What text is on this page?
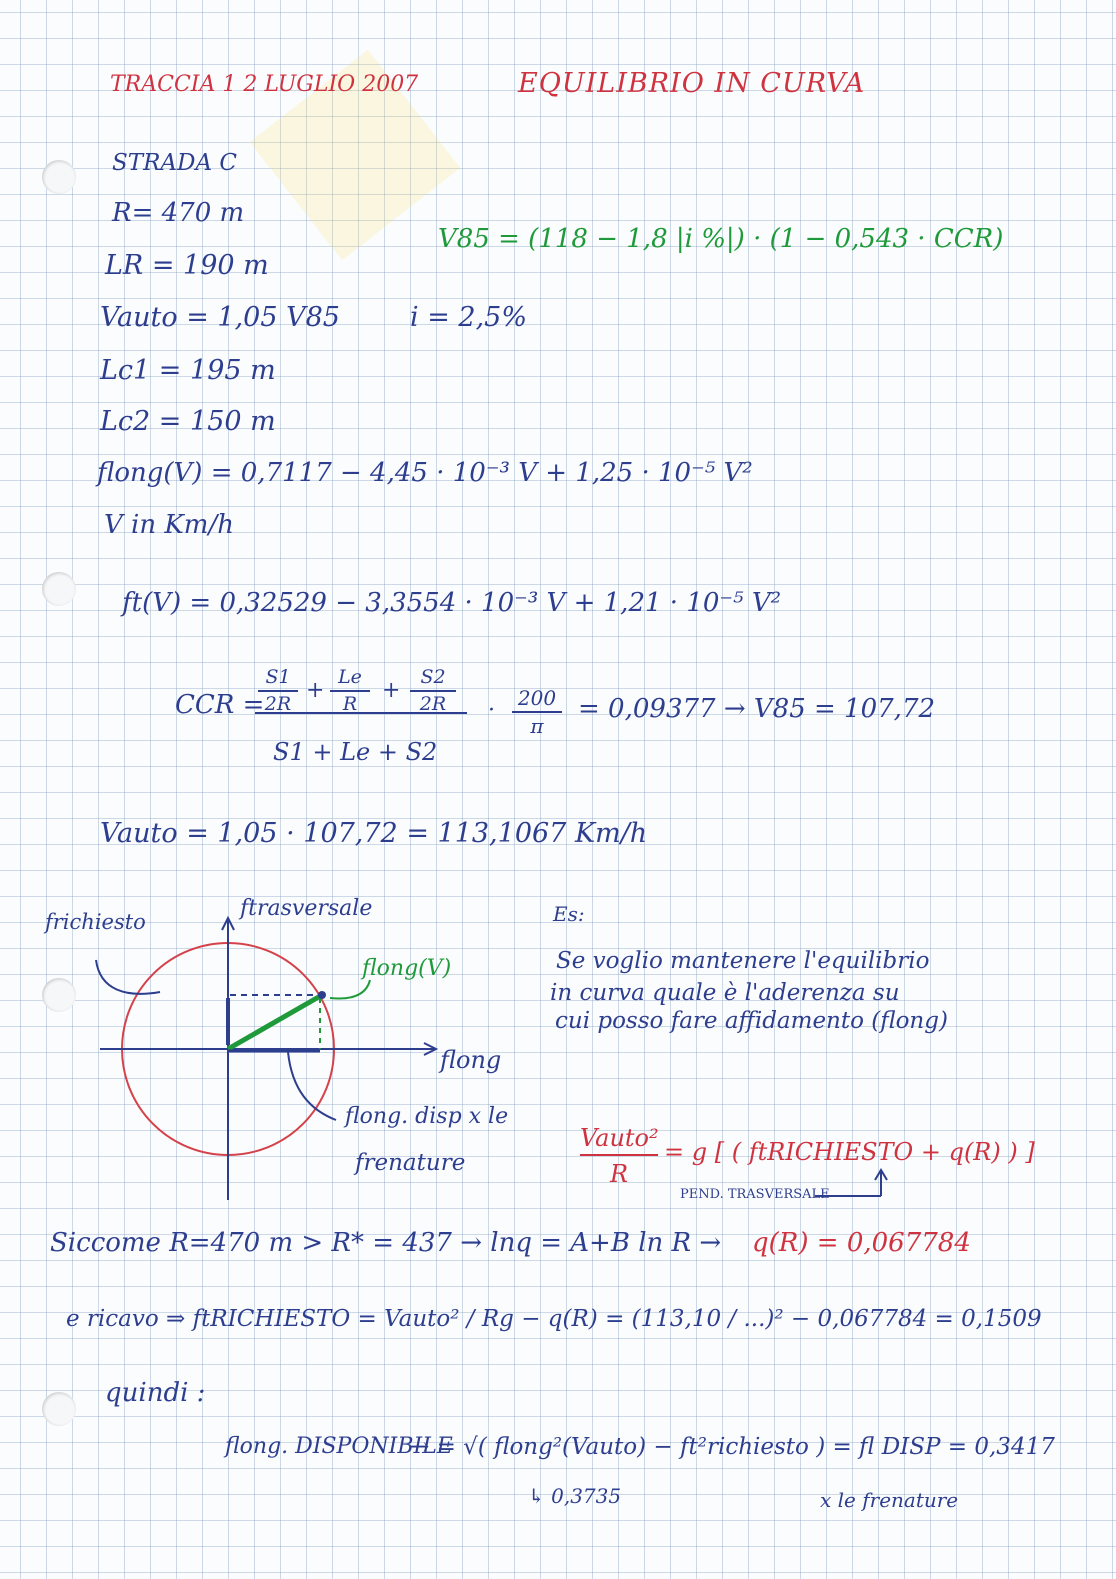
TRACCIA 1 2 LUGLIO 2007	EQUILIBRIO IN CURVA
STRADA C
R= 470 m
LR = 190 m
V85 = (118 − 1,8 |i %|) · (1 − 0,543 · CCR)
Vauto = 1,05 V85	i = 2,5%
Lc1 = 195 m
Lc2 = 150 m
flong(V) = 0,7117 − 4,45 · 10⁻³ V + 1,25 · 10⁻⁵ V²
V in Km/h
ft(V) = 0,32529 − 3,3554 · 10⁻³ V + 1,21 · 10⁻⁵ V²
CCR =
$\frac{S1}{2R} + \frac{Le}{R} + \frac{S2}{2R}$
S1 + Le + S2
· $\frac{200}{\pi} = 0,09377 \to V85 = 107,72$
Vauto = 1,05 · 107,72 = 113,1067 Km/h
ftrasversale
flong
frichiesto
flong(V)
flong. disp x le
frenature
Es:
Se voglio mantenere l'equilibrio
in curva quale è l'aderenza su
cui posso fare affidamento (flong)
Vauto²
R
= g [ ( ftRICHIESTO + q(R) ) ]
PEND. TRASVERSALE
Siccome R=470 m > R* = 437 → lnq = A+B ln R → q(R) = 0,067784
e ricavo ⇒ ftRICHIESTO = Vauto² / Rg − q(R) = (113,10 / ...)² − 0,067784 = 0,1509
quindi :
flong. DISPONIBILE
→ = √( flong²(Vauto) − ft²richiesto ) = fl DISP = 0,3417
↳ 0,3735	x le frenature
